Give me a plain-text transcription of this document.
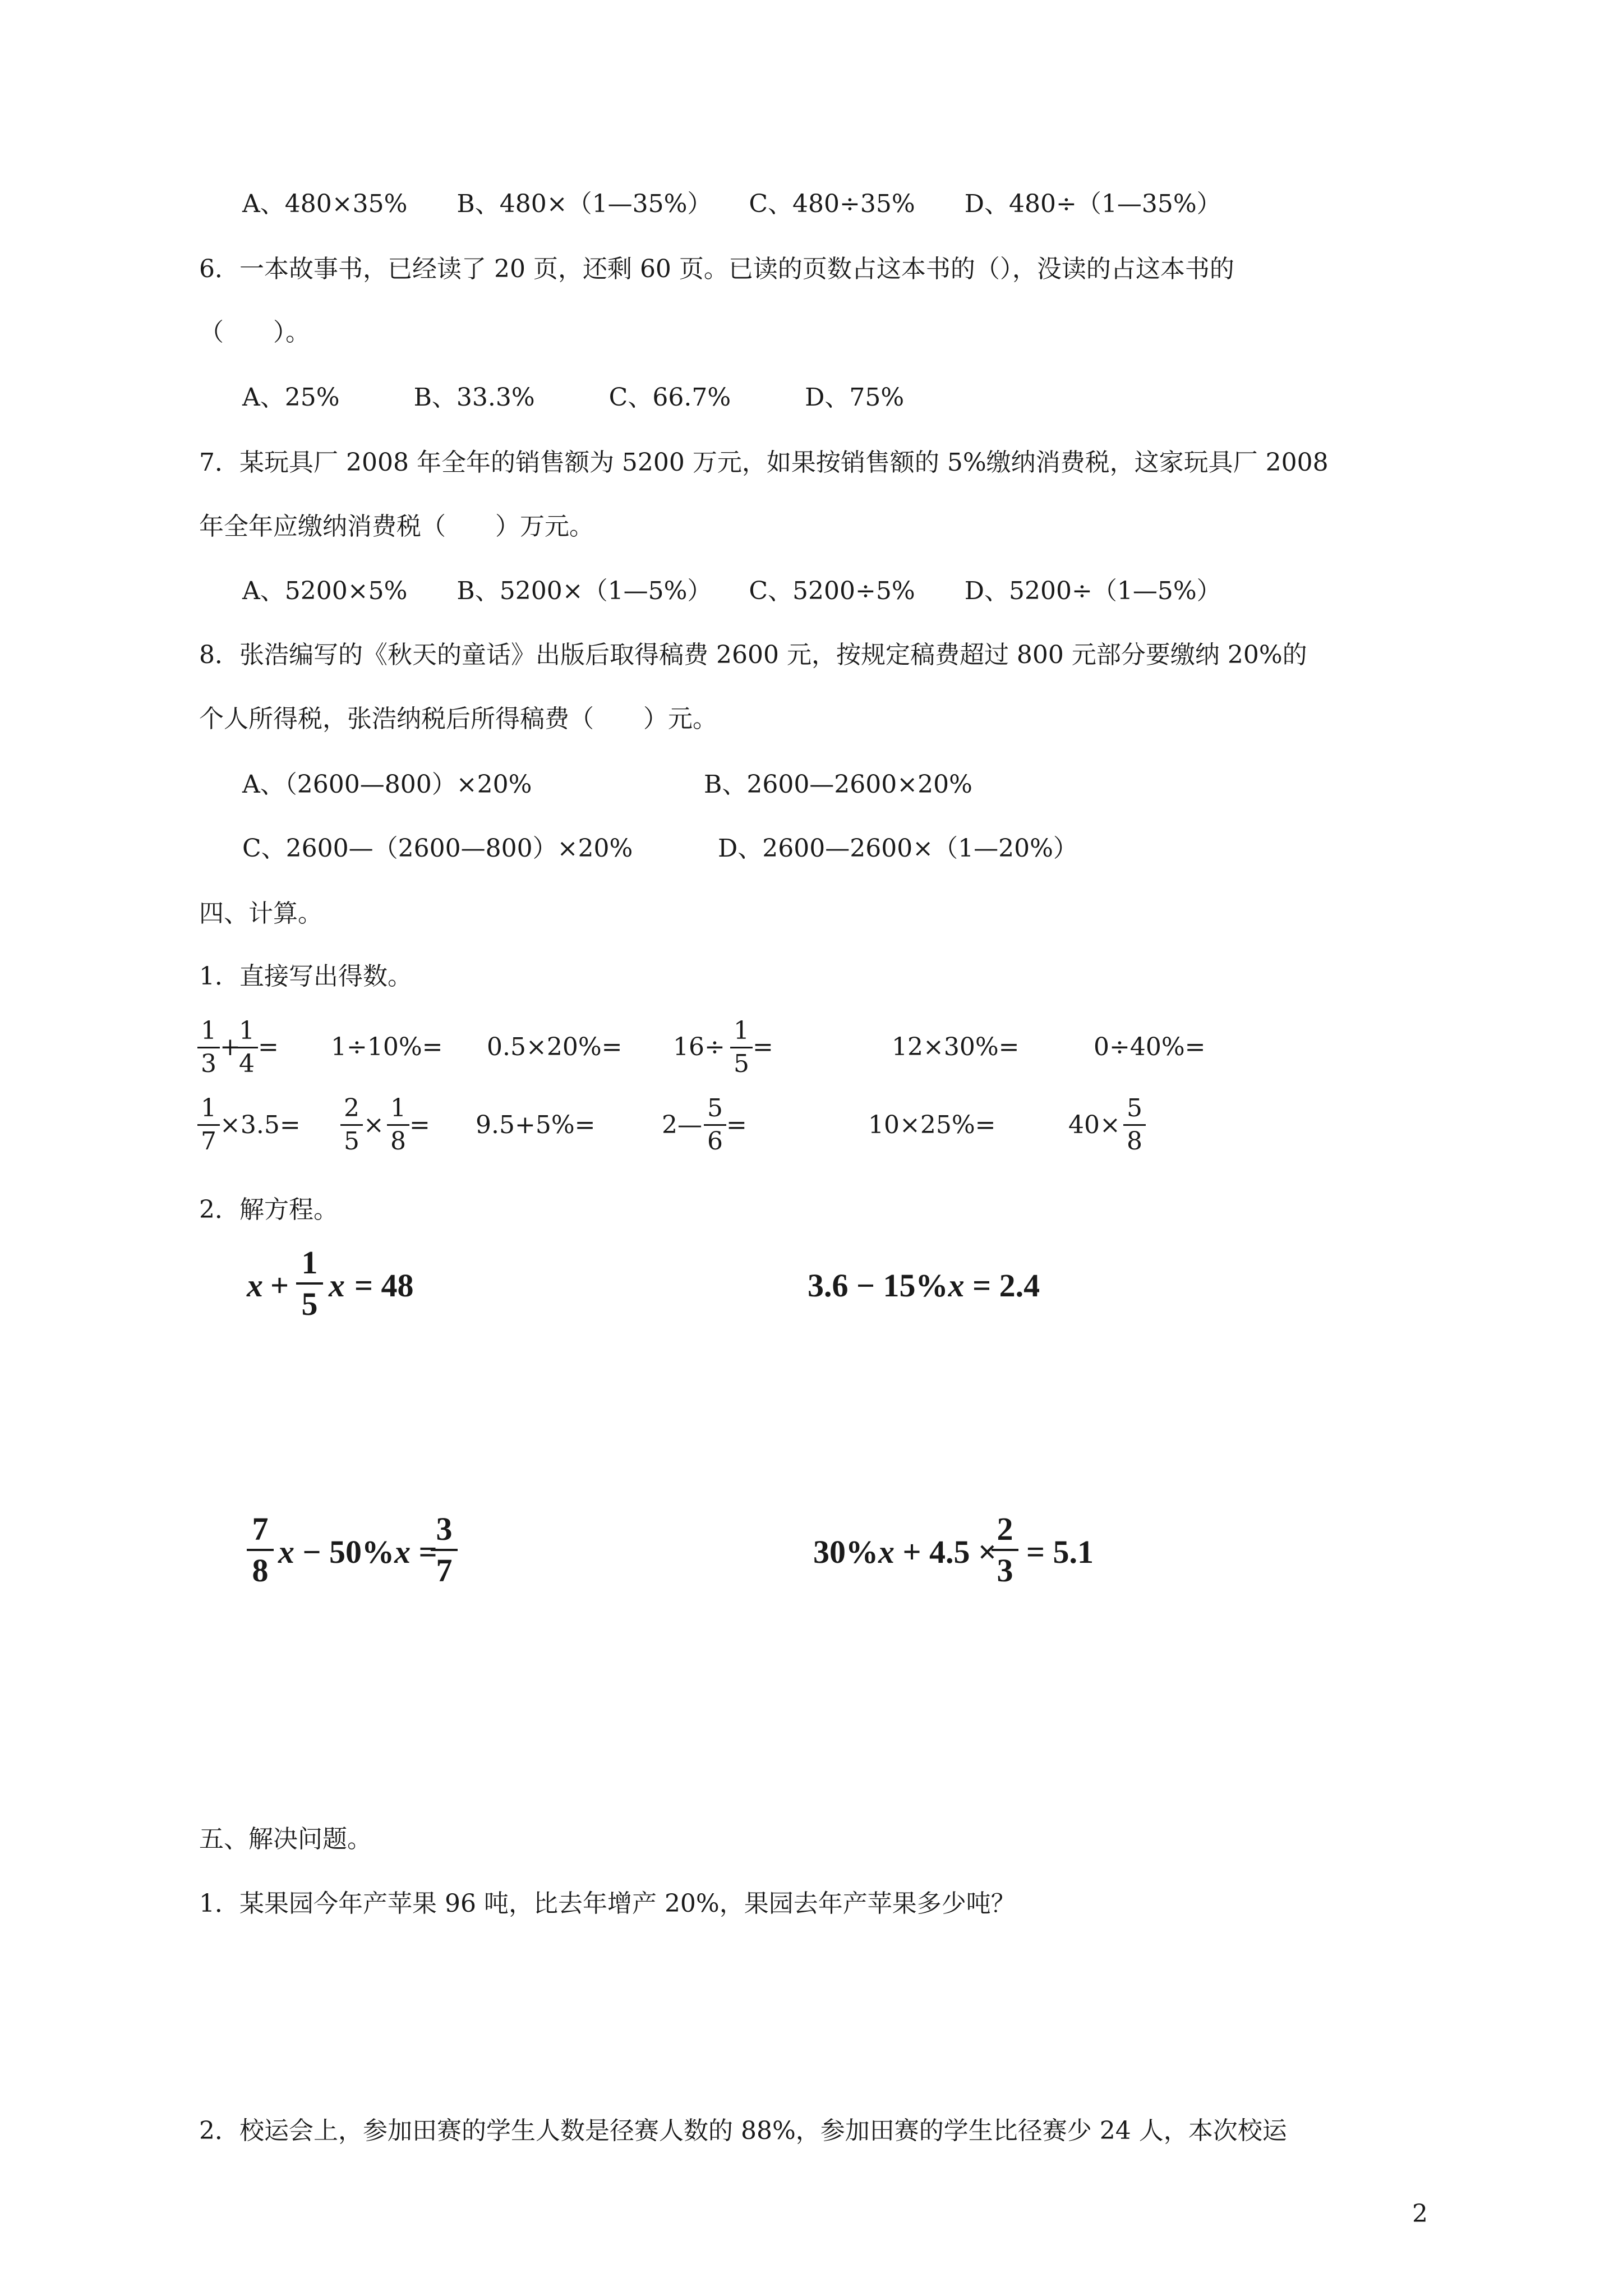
A、480×35%　　B、480×（1—35%）　　C、480÷35%　　D、480÷（1—35%）
6．一本故事书，已经读了 20 页，还剩 60 页。已读的页数占这本书的（），没读的占这本书的
（　　）。
A、25%　　　B、33.3%　　　C、66.7%　　　D、75%
7．某玩具厂 2008 年全年的销售额为 5200 万元，如果按销售额的 5%缴纳消费税，这家玩具厂 2008
年全年应缴纳消费税（　　）万元。
A、5200×5%　　B、5200×（1—5%）　　C、5200÷5%　　D、5200÷（1—5%）
8．张浩编写的《秋天的童话》出版后取得稿费 2600 元，按规定稿费超过 800 元部分要缴纳 20%的
个人所得税，张浩纳税后所得稿费（　　）元。
A、（2600—800）×20%	B、2600—2600×20%
C、2600—（2600—800）×20%	D、2600—2600×（1—20%）
四、计算。
1．直接写出得数。
1
3
+
1
4
= 1÷10%= 0.5×20%= 16÷
1
5
=	12×30%=	0÷40%=
1
7
×3.5=
2
5
×
1
8
= 9.5+5%=	2—
5
6
=	10×25%=	40×
5
8
2．解方程。
x +
1
5
x = 48	3.6 − 15%x = 2.4
7
8
x − 50%x =
3
7
30%x + 4.5 ×
2
3
= 5.1
五、解决问题。
1．某果园今年产苹果 96 吨，比去年增产 20%，果园去年产苹果多少吨？
2．校运会上，参加田赛的学生人数是径赛人数的 88%，参加田赛的学生比径赛少 24 人，本次校运
2
